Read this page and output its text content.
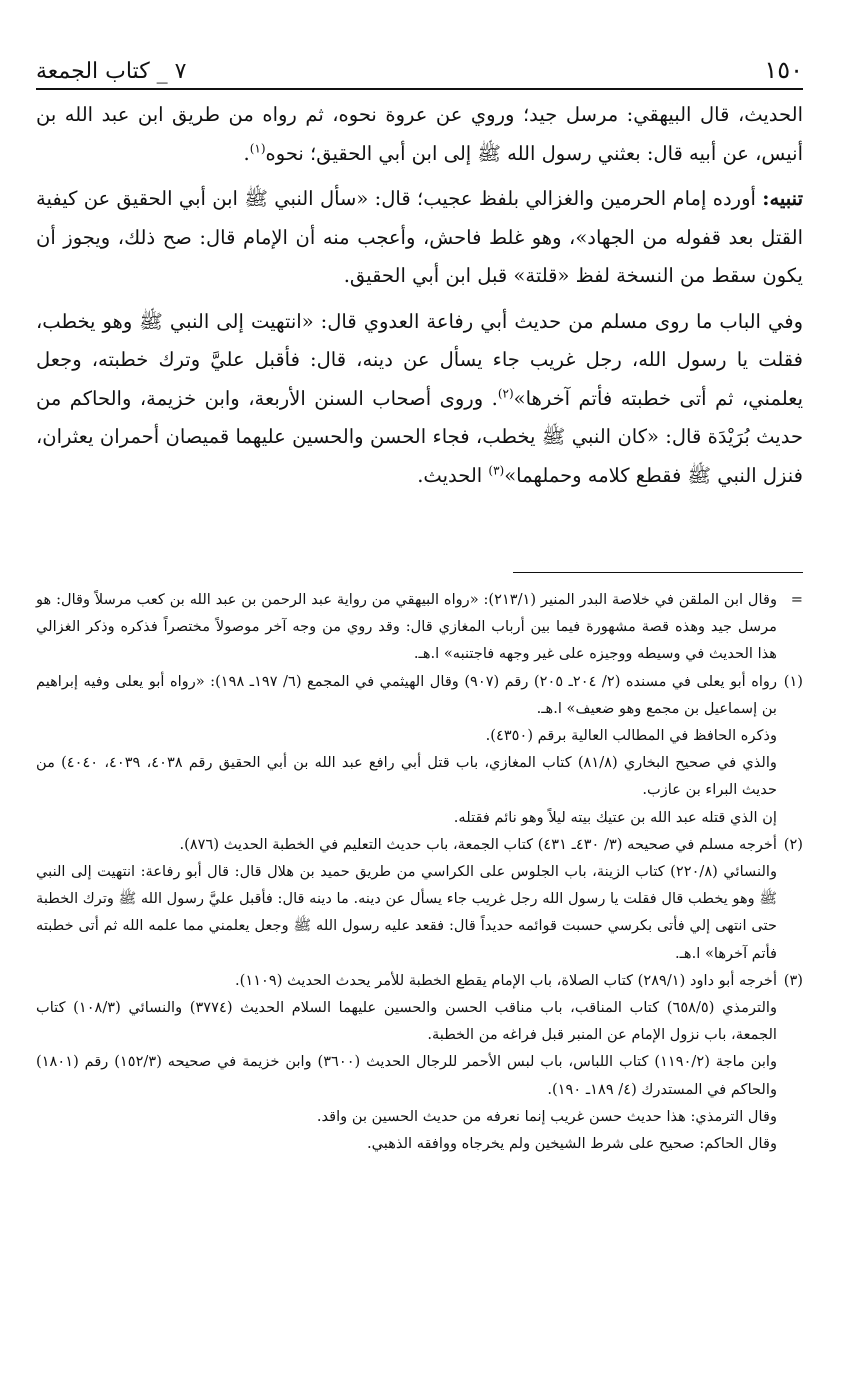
١٥٠
٧ _ كتاب الجمعة

الحديث، قال البيهقي: مرسل جيد؛ وروي عن عروة نحوه، ثم رواه من طريق ابن عبد الله بن أنيس، عن أبيه قال: بعثني رسول الله ﷺ إلى ابن أبي الحقيق؛ نحوه$^{(١)}$.

تنبيه: أورده إمام الحرمين والغزالي بلفظ عجيب؛ قال: «سأل النبي ﷺ ابن أبي الحقيق عن كيفية القتل بعد قفوله من الجهاد»، وهو غلط فاحش، وأعجب منه أن الإمام قال: صح ذلك، ويجوز أن يكون سقط من النسخة لفظ «قلتة» قبل ابن أبي الحقيق.

وفي الباب ما روى مسلم من حديث أبي رفاعة العدوي قال: «انتهيت إلى النبي ﷺ وهو يخطب، فقلت يا رسول الله، رجل غريب جاء يسأل عن دينه، قال: فأقبل عليَّ وترك خطبته، وجعل يعلمني، ثم أتى خطبته فأتم آخرها»$^{(٢)}$. وروى أصحاب السنن الأربعة، وابن خزيمة، والحاكم من حديث بُرَيْدَة قال: «كان النبي ﷺ يخطب، فجاء الحسن والحسين عليهما قميصان أحمران يعثران، فنزل النبي ﷺ فقطع كلامه وحملهما»$^{(٣)}$ الحديث.

=
وقال ابن الملقن في خلاصة البدر المنير (٢١٣/١): «رواه البيهقي من رواية عبد الرحمن بن عبد الله بن كعب مرسلاً وقال: هو مرسل جيد وهذه قصة مشهورة فيما بين أرباب المغازي قال: وقد روي من وجه آخر موصولاً مختصراً فذكره وذكر الغزالي هذا الحديث في وسيطه ووجيزه على غير وجهه فاجتنبه» ا.هـ.
(١)
رواه أبو يعلى في مسنده (٢/ ٢٠٤ـ ٢٠٥) رقم (٩٠٧) وقال الهيثمي في المجمع (٦/ ١٩٧ـ ١٩٨): «رواه أبو يعلى وفيه إبراهيم بن إسماعيل بن مجمع وهو ضعيف» ا.هـ.
وذكره الحافظ في المطالب العالية برقم (٤٣٥٠).
والذي في صحيح البخاري (٨١/٨) كتاب المغازي، باب قتل أبي رافع عبد الله بن أبي الحقيق رقم ٤٠٣٨، ٤٠٣٩، ٤٠٤٠) من حديث البراء بن عازب.
إن الذي قتله عبد الله بن عتيك بيته ليلاً وهو نائم فقتله.
(٢)
أخرجه مسلم في صحيحه (٣/ ٤٣٠ـ ٤٣١) كتاب الجمعة، باب حديث التعليم في الخطبة الحديث (٨٧٦).
والنسائي (٢٢٠/٨) كتاب الزينة، باب الجلوس على الكراسي من طريق حميد بن هلال قال: قال أبو رفاعة: انتهيت إلى النبي ﷺ وهو يخطب قال فقلت يا رسول الله رجل غريب جاء يسأل عن دينه. ما دينه قال: فأقبل عليَّ رسول الله ﷺ وترك الخطبة حتى انتهى إلي فأتى بكرسي حسبت قوائمه حديداً قال: فقعد عليه رسول الله ﷺ وجعل يعلمني مما علمه الله ثم أتى خطبته فأتم آخرها» ا.هـ.
(٣)
أخرجه أبو داود (٢٨٩/١) كتاب الصلاة، باب الإمام يقطع الخطبة للأمر يحدث الحديث (١١٠٩).
والترمذي (٦٥٨/٥) كتاب المناقب، باب مناقب الحسن والحسين عليهما السلام الحديث (٣٧٧٤) والنسائي (١٠٨/٣) كتاب الجمعة، باب نزول الإمام عن المنبر قبل فراغه من الخطبة.
وابن ماجة (١١٩٠/٢) كتاب اللباس، باب لبس الأحمر للرجال الحديث (٣٦٠٠) وابن خزيمة في صحيحه (١٥٢/٣) رقم (١٨٠١) والحاكم في المستدرك (٤/ ١٨٩ـ ١٩٠).
وقال الترمذي: هذا حديث حسن غريب إنما نعرفه من حديث الحسين بن واقد.
وقال الحاكم: صحيح على شرط الشيخين ولم يخرجاه ووافقه الذهبي.
